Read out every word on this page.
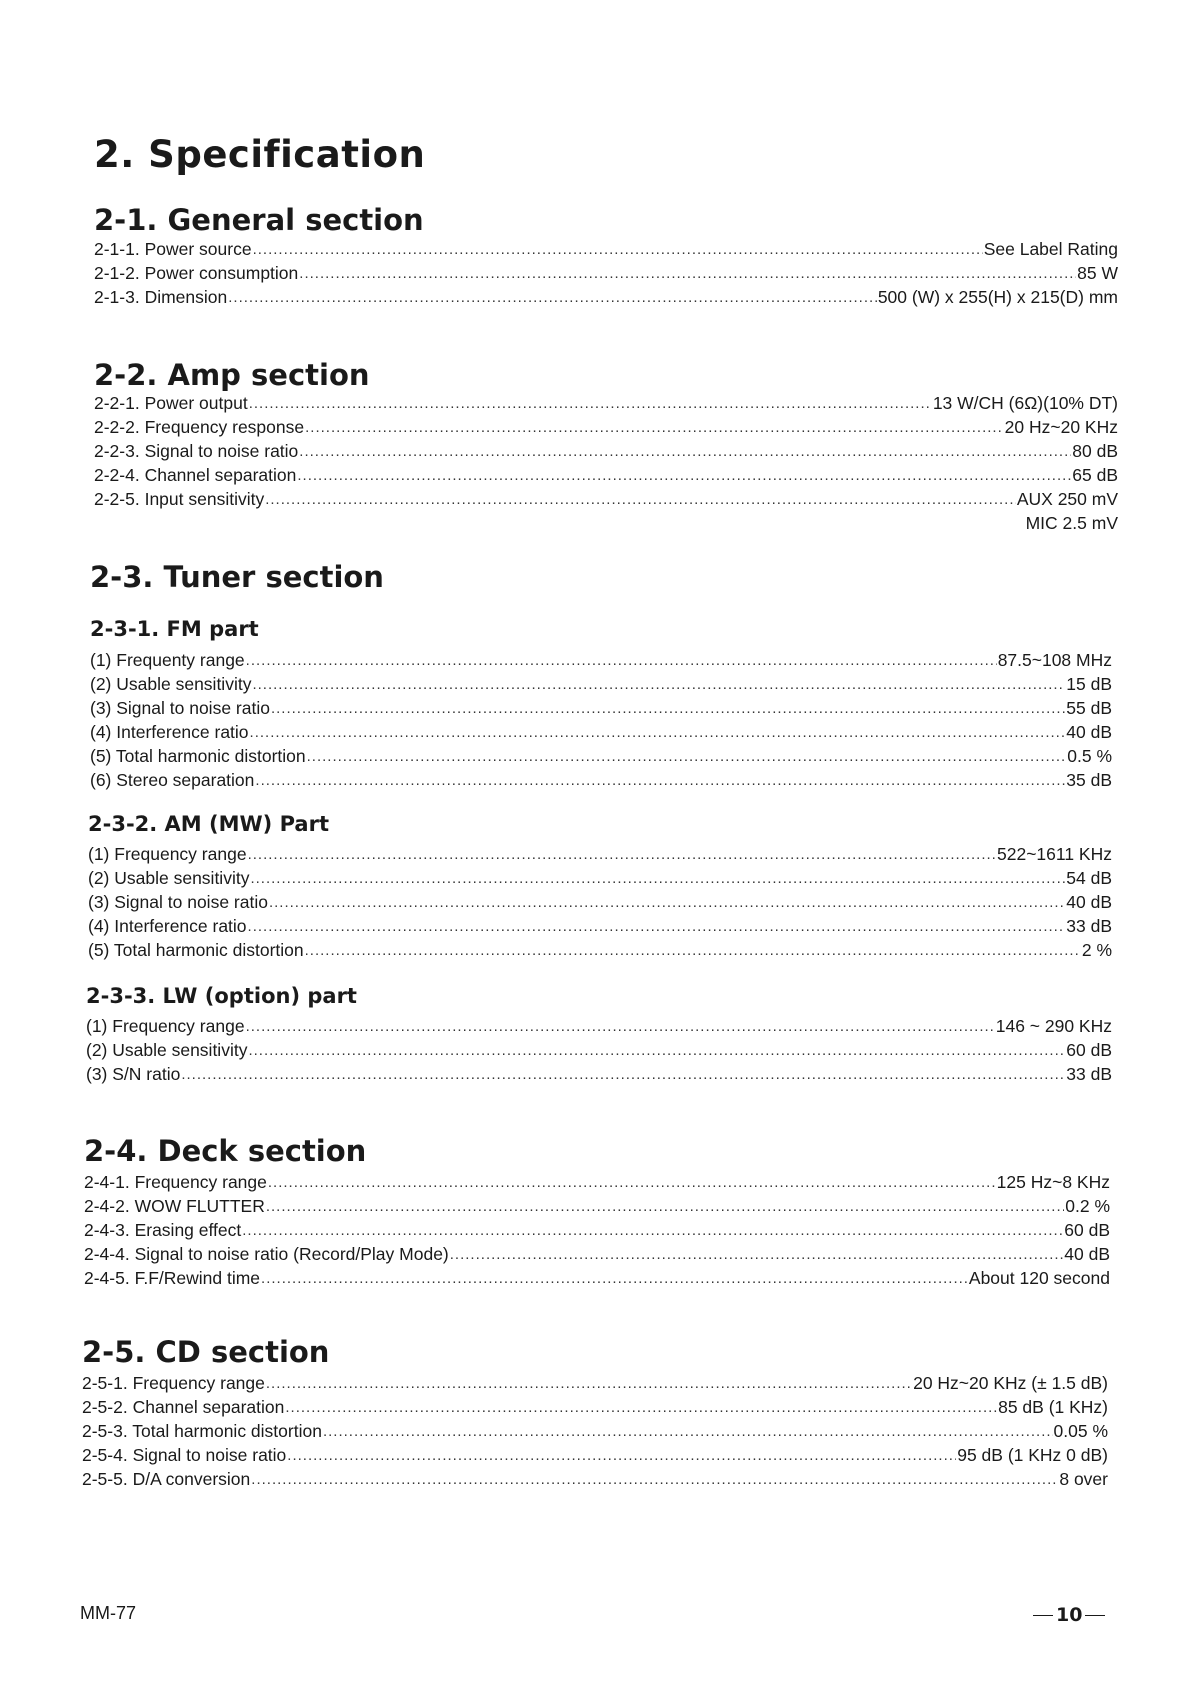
2. Specification
2-1. General section
2-1-1. Power source .....	See Label Rating
2-1-2. Power consumption .....	85 W
2-1-3. Dimension .....	500 (W) x 255(H) x 215(D) mm
2-2. Amp section
2-2-1. Power output .....	13 W/CH (6Ω)(10% DT)
2-2-2. Frequency response .....	20 Hz~20 KHz
2-2-3. Signal to noise ratio .....	80 dB
2-2-4. Channel separation .....	65 dB
2-2-5. Input sensitivity .....	AUX 250 mV
MIC 2.5 mV
2-3. Tuner section
2-3-1. FM part
(1) Frequenty range .....	87.5~108 MHz
(2) Usable sensitivity .....	15 dB
(3) Signal to noise ratio .....	55 dB
(4) Interference ratio .....	40 dB
(5) Total harmonic distortion .....	0.5 %
(6) Stereo separation .....	35 dB
2-3-2. AM (MW) Part
(1) Frequency range .....	522~1611 KHz
(2) Usable sensitivity .....	54 dB
(3) Signal to noise ratio .....	40 dB
(4) Interference ratio .....	33 dB
(5) Total harmonic distortion .....	2 %
2-3-3. LW (option) part
(1) Frequency range .....	146 ~ 290 KHz
(2) Usable sensitivity .....	60 dB
(3) S/N ratio .....	33 dB
2-4. Deck section
2-4-1. Frequency range .....	125 Hz~8 KHz
2-4-2. WOW FLUTTER .....	0.2 %
2-4-3. Erasing effect .....	60 dB
2-4-4. Signal to noise ratio (Record/Play Mode) .....	40 dB
2-4-5. F.F/Rewind time .....	About 120 second
2-5. CD section
2-5-1. Frequency range .....	20 Hz~20 KHz (± 1.5 dB)
2-5-2. Channel separation .....	85 dB (1 KHz)
2-5-3. Total harmonic distortion .....	0.05 %
2-5-4. Signal to noise ratio .....	95 dB (1 KHz 0 dB)
2-5-5. D/A conversion .....	8 over
MM-77	10
